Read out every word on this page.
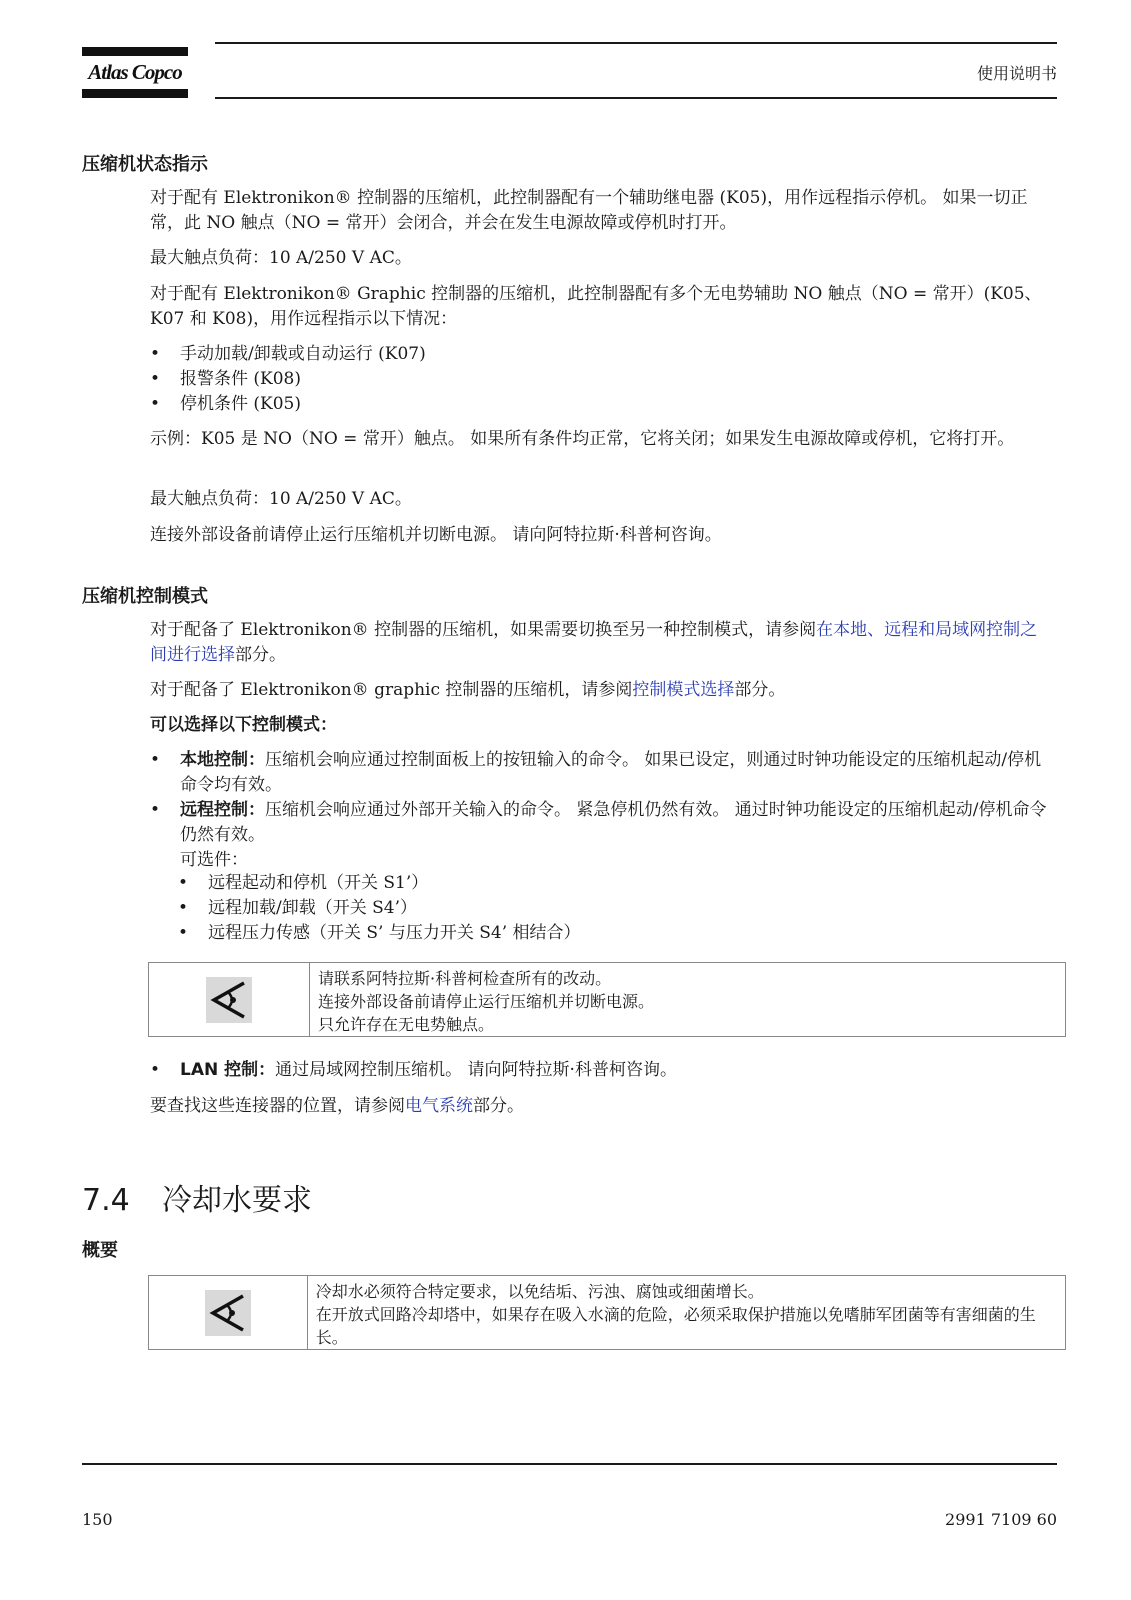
Atlas Copco	使用说明书
压缩机状态指示
对于配有 Elektronikon® 控制器的压缩机，此控制器配有一个辅助继电器 (K05)，用作远程指示停机。 如果一切正常，此 NO 触点（NO = 常开）会闭合，并会在发生电源故障或停机时打开。
最大触点负荷：10 A/250 V AC。
对于配有 Elektronikon® Graphic 控制器的压缩机，此控制器配有多个无电势辅助 NO 触点（NO = 常开）(K05、K07 和 K08)，用作远程指示以下情况：
• 手动加载/卸载或自动运行 (K07)
• 报警条件 (K08)
• 停机条件 (K05)
示例：K05 是 NO（NO = 常开）触点。 如果所有条件均正常，它将关闭；如果发生电源故障或停机，它将打开。
最大触点负荷：10 A/250 V AC。
连接外部设备前请停止运行压缩机并切断电源。 请向阿特拉斯·科普柯咨询。
压缩机控制模式
对于配备了 Elektronikon® 控制器的压缩机，如果需要切换至另一种控制模式，请参阅在本地、远程和局域网控制之间进行选择部分。
对于配备了 Elektronikon® graphic 控制器的压缩机，请参阅控制模式选择部分。
可以选择以下控制模式：
• 本地控制：压缩机会响应通过控制面板上的按钮输入的命令。 如果已设定，则通过时钟功能设定的压缩机起动/停机命令均有效。
• 远程控制：压缩机会响应通过外部开关输入的命令。 紧急停机仍然有效。 通过时钟功能设定的压缩机起动/停机命令仍然有效。
可选件：
• 远程起动和停机（开关 S1’）
• 远程加载/卸载（开关 S4’）
• 远程压力传感（开关 S’ 与压力开关 S4’ 相结合）
请联系阿特拉斯·科普柯检查所有的改动。
连接外部设备前请停止运行压缩机并切断电源。
只允许存在无电势触点。
• LAN 控制：通过局域网控制压缩机。 请向阿特拉斯·科普柯咨询。
要查找这些连接器的位置，请参阅电气系统部分。
7.4 冷却水要求
概要
冷却水必须符合特定要求，以免结垢、污浊、腐蚀或细菌增长。
在开放式回路冷却塔中，如果存在吸入水滴的危险，必须采取保护措施以免嗜肺军团菌等有害细菌的生长。
150	2991 7109 60
